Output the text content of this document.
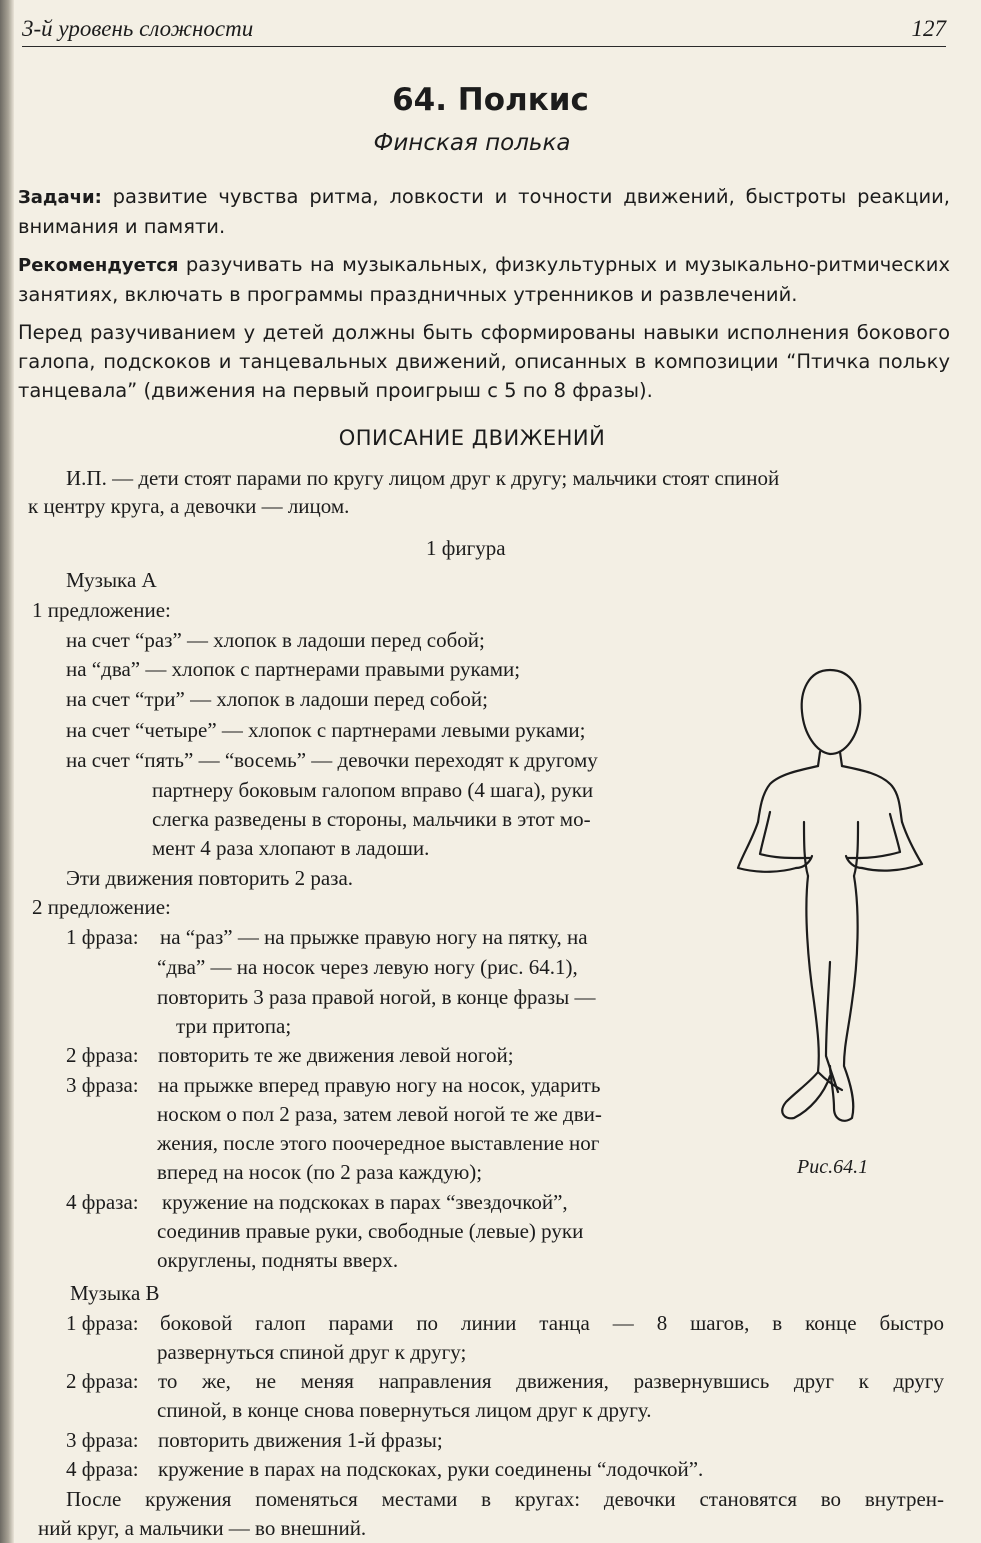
3-й уровень сложности	127
64. Полкис
Финская полька
Задачи: развитие чувства ритма, ловкости и точности движений, быстроты реакции, внимания и памяти.
Рекомендуется разучивать на музыкальных, физкультурных и музыкально-ритмических занятиях, включать в программы праздничных утренников и развлечений.
Перед разучиванием у детей должны быть сформированы навыки исполнения бокового галопа, подскоков и танцевальных движений, описанных в композиции “Птичка польку танцевала” (движения на первый проигрыш с 5 по 8 фразы).
ОПИСАНИЕ ДВИЖЕНИЙ
И.П. — дети стоят парами по кругу лицом друг к другу; мальчики стоят спиной
к центру круга, а девочки — лицом.
1 фигура
Музыка А
1 предложение:
на счет “раз” — хлопок в ладоши перед собой;
на “два” — хлопок с партнерами правыми руками;
на счет “три” — хлопок в ладоши перед собой;
на счет “четыре” — хлопок с партнерами левыми руками;
на счет “пять” — “восемь” — девочки переходят к другому
партнеру боковым галопом вправо (4 шага), руки
слегка разведены в стороны, мальчики в этот мо-
мент 4 раза хлопают в ладоши.
Эти движения повторить 2 раза.
2 предложение:
1 фраза: на “раз” — на прыжке правую ногу на пятку, на
“два” — на носок через левую ногу (рис. 64.1),
повторить 3 раза правой ногой, в конце фразы —
три притопа;
2 фраза: повторить те же движения левой ногой;
3 фраза: на прыжке вперед правую ногу на носок, ударить
носком о пол 2 раза, затем левой ногой те же дви-
жения, после этого поочередное выставление ног
вперед на носок (по 2 раза каждую);
4 фраза: кружение на подскоках в парах “звездочкой”,
соединив правые руки, свободные (левые) руки
округлены, подняты вверх.
Рис.64.1
Музыка В
1 фраза: боковой галоп парами по линии танца — 8 шагов, в конце быстро
развернуться спиной друг к другу;
2 фраза: то же, не меняя направления движения, развернувшись друг к другу
спиной, в конце снова повернуться лицом друг к другу.
3 фраза: повторить движения 1-й фразы;
4 фраза: кружение в парах на подскоках, руки соединены “лодочкой”.
После кружения поменяться местами в кругах: девочки становятся во внутрен-
ний круг, а мальчики — во внешний.
